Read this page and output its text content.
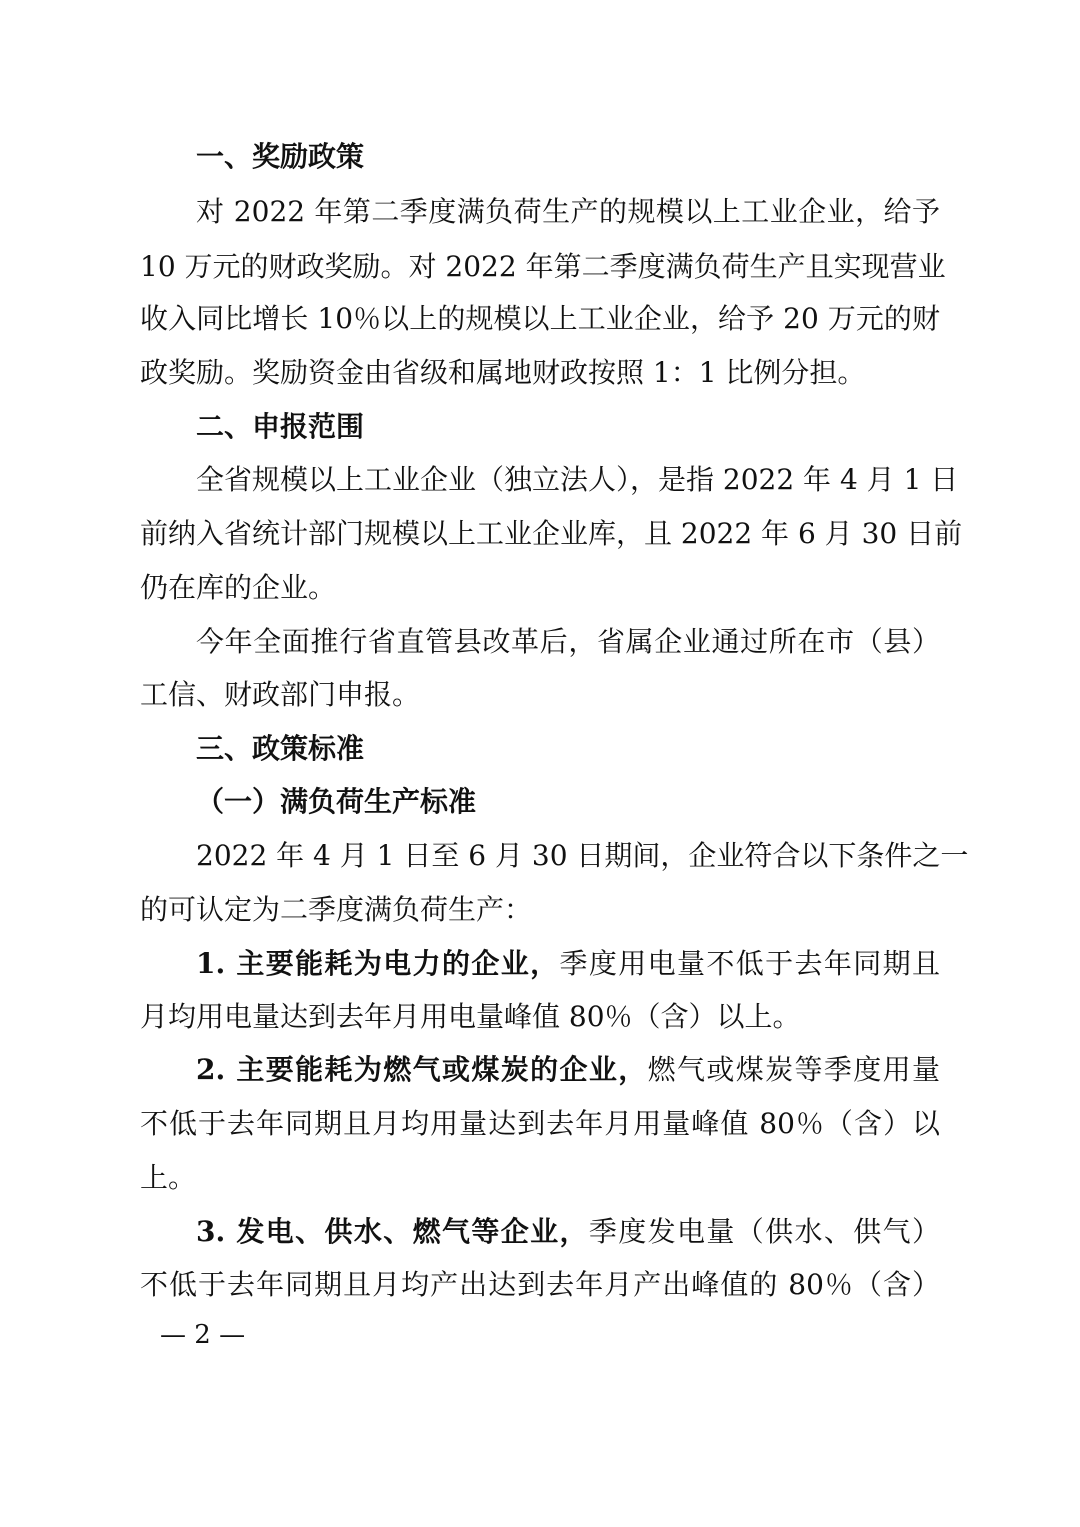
一、奖励政策

对 2022 年第二季度满负荷生产的规模以上工业企业，给予

10 万元的财政奖励。对 2022 年第二季度满负荷生产且实现营业

收入同比增长 10％以上的规模以上工业企业，给予 20 万元的财

政奖励。奖励资金由省级和属地财政按照 1：1 比例分担。

二、申报范围

全省规模以上工业企业（独立法人），是指 2022 年 4 月 1 日

前纳入省统计部门规模以上工业企业库，且 2022 年 6 月 30 日前

仍在库的企业。

今年全面推行省直管县改革后，省属企业通过所在市（县）

工信、财政部门申报。

三、政策标准

（一）满负荷生产标准

2022 年 4 月 1 日至 6 月 30 日期间，企业符合以下条件之一

的可认定为二季度满负荷生产：

1. 主要能耗为电力的企业，季度用电量不低于去年同期且

月均用电量达到去年月用电量峰值 80％（含）以上。

2. 主要能耗为燃气或煤炭的企业，燃气或煤炭等季度用量

不低于去年同期且月均用量达到去年月用量峰值 80％（含）以

上。

3. 发电、供水、燃气等企业，季度发电量（供水、供气）

不低于去年同期且月均产出达到去年月产出峰值的 80％（含）

— 2 —
